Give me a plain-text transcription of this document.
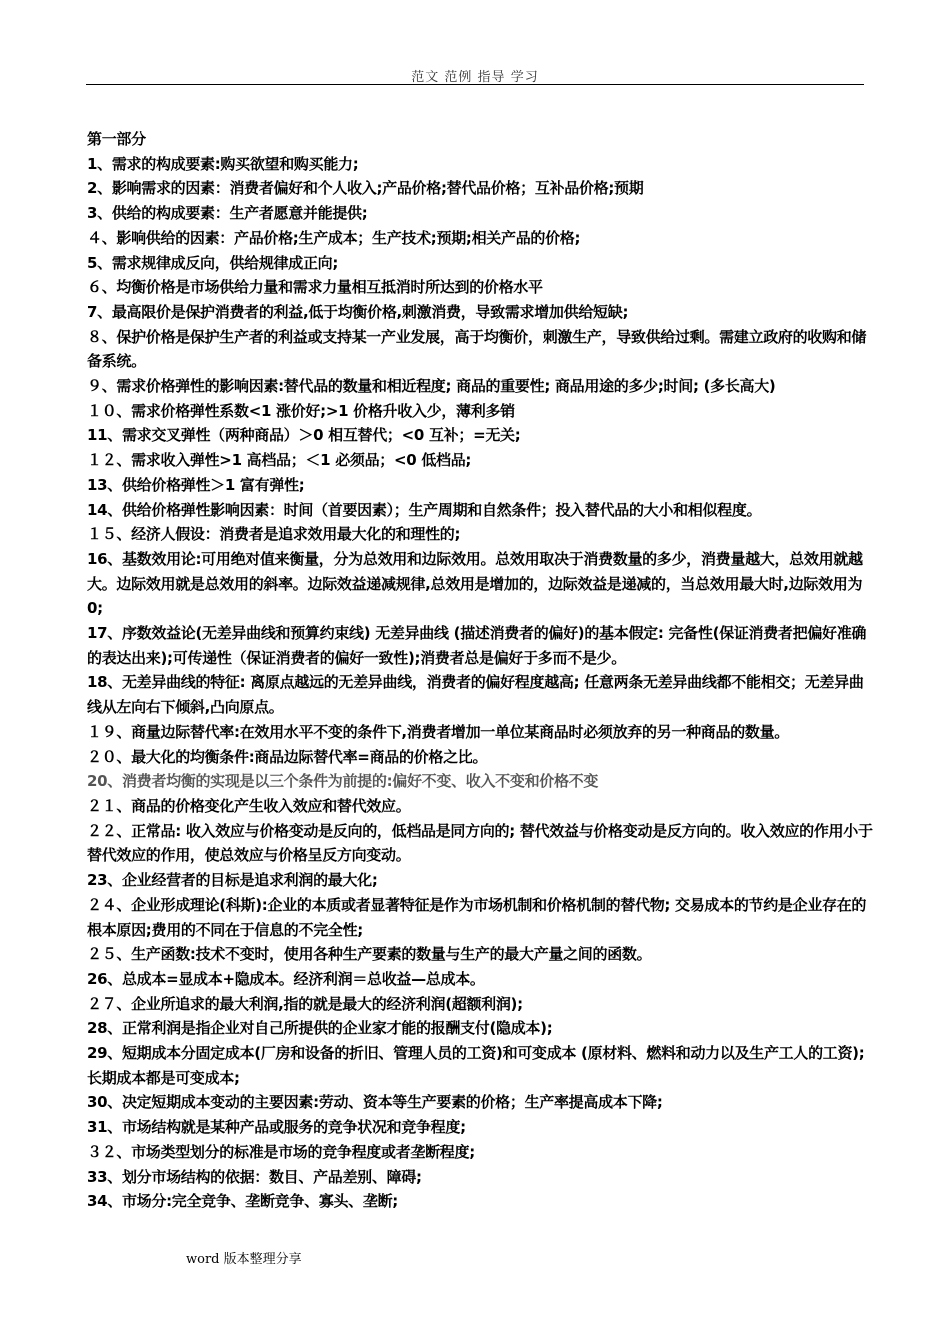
范文 范例 指导 学习

第一部分

1、需求的构成要素:购买欲望和购买能力;

2、影响需求的因素：消费者偏好和个人收入;产品价格;替代品价格；互补品价格;预期

3、供给的构成要素：生产者愿意并能提供;

４、影响供给的因素：产品价格;生产成本；生产技术;预期;相关产品的价格;

5、需求规律成反向，供给规律成正向;

６、均衡价格是市场供给力量和需求力量相互抵消时所达到的价格水平

7、最高限价是保护消费者的利益,低于均衡价格,刺激消费，导致需求增加供给短缺;

８、保护价格是保护生产者的利益或支持某一产业发展，高于均衡价，刺激生产，导致供给过剩。需建立政府的收购和储备系统。

９、需求价格弹性的影响因素:替代品的数量和相近程度; 商品的重要性; 商品用途的多少;时间; (多长高大)

１０、需求价格弹性系数<1 涨价好;>1 价格升收入少，薄利多销

11、需求交叉弹性（两种商品）＞0 相互替代；<0 互补；=无关;

１２、需求收入弹性>1 高档品；＜1 必须品；<0 低档品;

13、供给价格弹性＞1 富有弹性;

14、供给价格弹性影响因素：时间（首要因素）；生产周期和自然条件；投入替代品的大小和相似程度。

１５、经济人假设：消费者是追求效用最大化的和理性的;

16、基数效用论:可用绝对值来衡量，分为总效用和边际效用。总效用取决于消费数量的多少，消费量越大，总效用就越大。边际效用就是总效用的斜率。边际效益递减规律,总效用是增加的，边际效益是递减的，当总效用最大时,边际效用为 0;

17、序数效益论(无差异曲线和预算约束线) 无差异曲线 (描述消费者的偏好)的基本假定: 完备性(保证消费者把偏好准确的表达出来);可传递性（保证消费者的偏好一致性);消费者总是偏好于多而不是少。

18、无差异曲线的特征: 离原点越远的无差异曲线，消费者的偏好程度越高; 任意两条无差异曲线都不能相交；无差异曲线从左向右下倾斜,凸向原点。

１９、商量边际替代率:在效用水平不变的条件下,消费者增加一单位某商品时必须放弃的另一种商品的数量。

２０、最大化的均衡条件:商品边际替代率=商品的价格之比。

20、消费者均衡的实现是以三个条件为前提的:偏好不变、收入不变和价格不变

２１、商品的价格变化产生收入效应和替代效应。

２２、正常品: 收入效应与价格变动是反向的，低档品是同方向的; 替代效益与价格变动是反方向的。收入效应的作用小于替代效应的作用，使总效应与价格呈反方向变动。

23、企业经营者的目标是追求利润的最大化;

２４、企业形成理论(科斯):企业的本质或者显著特征是作为市场机制和价格机制的替代物; 交易成本的节约是企业存在的根本原因;费用的不同在于信息的不完全性;

２５、生产函数:技术不变时，使用各种生产要素的数量与生产的最大产量之间的函数。

26、总成本=显成本+隐成本。经济利润＝总收益—总成本。

２７、企业所追求的最大利润,指的就是最大的经济利润(超额利润);

28、正常利润是指企业对自己所提供的企业家才能的报酬支付(隐成本);

29、短期成本分固定成本(厂房和设备的折旧、管理人员的工资)和可变成本 (原材料、燃料和动力以及生产工人的工资);长期成本都是可变成本;

30、决定短期成本变动的主要因素:劳动、资本等生产要素的价格；生产率提高成本下降;

31、市场结构就是某种产品或服务的竞争状况和竞争程度;

３２、市场类型划分的标准是市场的竞争程度或者垄断程度;

33、划分市场结构的依据：数目、产品差别、障碍;

34、市场分:完全竞争、垄断竞争、寡头、垄断;

word 版本整理分享
